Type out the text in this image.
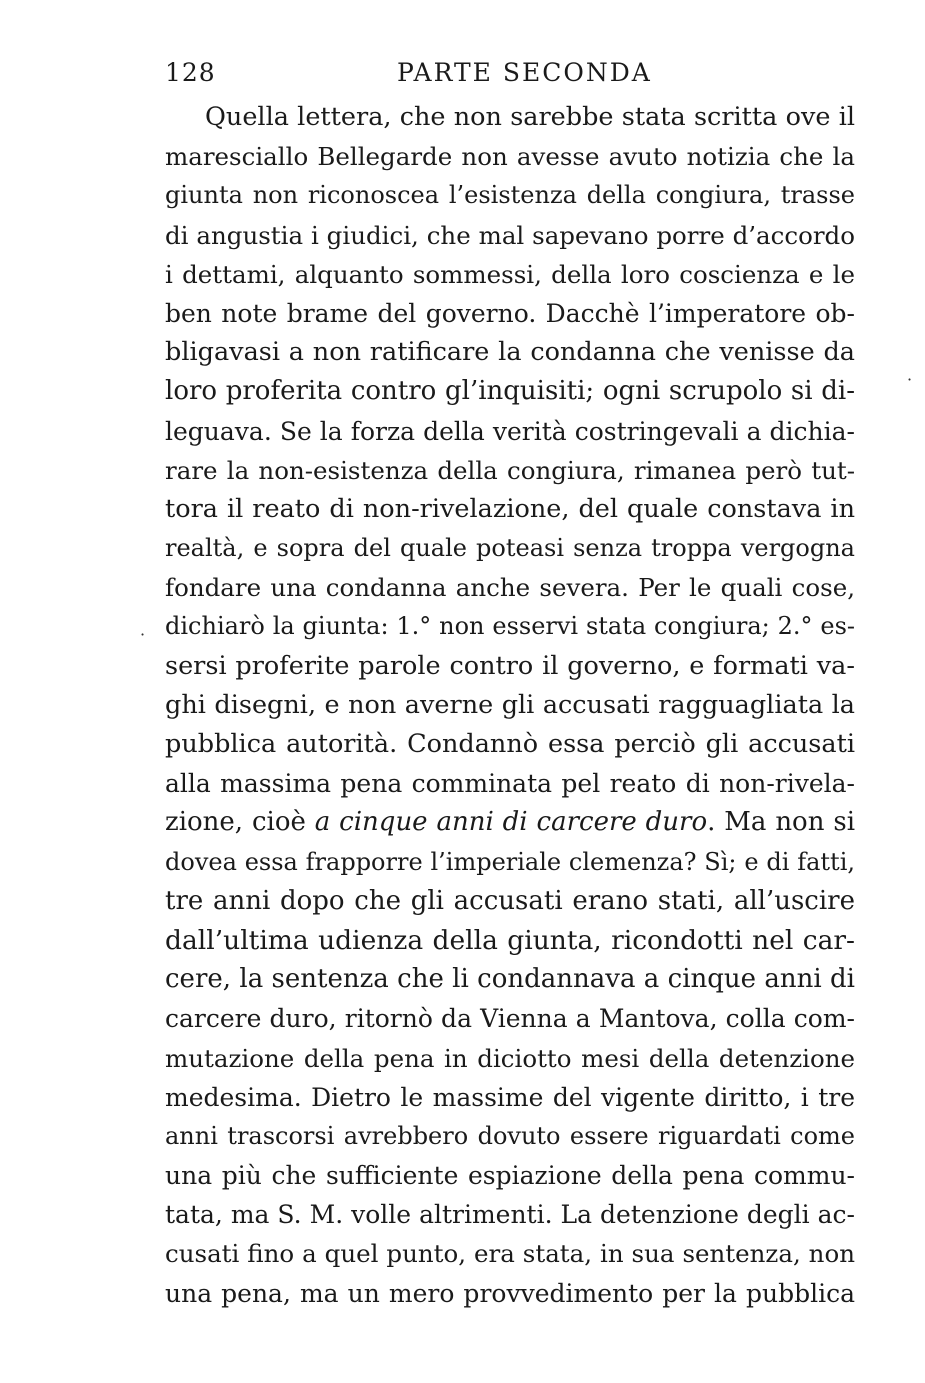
128	PARTE SECONDA
Quella lettera, che non sarebbe stata scritta ove il
maresciallo Bellegarde non avesse avuto notizia che la
giunta non riconoscea l’esistenza della congiura, trasse
di angustia i giudici, che mal sapevano porre d’accordo
i dettami, alquanto sommessi, della loro coscienza e le
ben note brame del governo. Dacchè l’imperatore ob-
bligavasi a non ratificare la condanna che venisse da
loro proferita contro gl’inquisiti; ogni scrupolo si di-
leguava. Se la forza della verità costringevali a dichia-
rare la non-esistenza della congiura, rimanea però tut-
tora il reato di non-rivelazione, del quale constava in
realtà, e sopra del quale poteasi senza troppa vergogna
fondare una condanna anche severa. Per le quali cose,
dichiarò la giunta: 1.° non esservi stata congiura; 2.° es-
sersi proferite parole contro il governo, e formati va-
ghi disegni, e non averne gli accusati ragguagliata la
pubblica autorità. Condannò essa perciò gli accusati
alla massima pena comminata pel reato di non-rivela-
zione, cioè a cinque anni di carcere duro. Ma non si
dovea essa frapporre l’imperiale clemenza? Sì; e di fatti,
tre anni dopo che gli accusati erano stati, all’uscire
dall’ultima udienza della giunta, ricondotti nel car-
cere, la sentenza che li condannava a cinque anni di
carcere duro, ritornò da Vienna a Mantova, colla com-
mutazione della pena in diciotto mesi della detenzione
medesima. Dietro le massime del vigente diritto, i tre
anni trascorsi avrebbero dovuto essere riguardati come
una più che sufficiente espiazione della pena commu-
tata, ma S. M. volle altrimenti. La detenzione degli ac-
cusati fino a quel punto, era stata, in sua sentenza, non
una pena, ma un mero provvedimento per la pubblica
·
·
